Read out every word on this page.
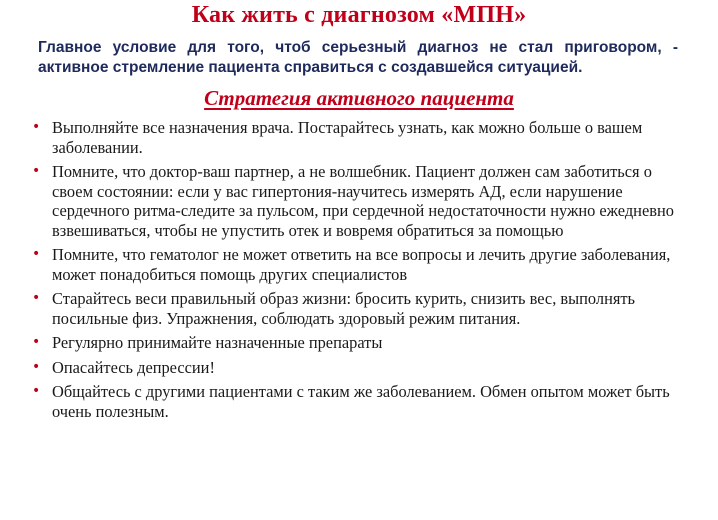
Как жить с диагнозом «МПН»
Главное условие для того, чтоб серьезный диагноз не стал приговором, - активное стремление пациента справиться с создавшейся ситуацией.
Стратегия активного пациента
• Выполняйте все назначения врача. Постарайтесь узнать, как можно больше о вашем заболевании.
• Помните, что доктор-ваш партнер, а не волшебник. Пациент должен сам заботиться о своем состоянии: если у вас гипертония-научитесь измерять АД, если нарушение сердечного ритма-следите за пульсом, при сердечной недостаточности нужно ежедневно взвешиваться, чтобы не упустить отек и вовремя обратиться за помощью
• Помните, что гематолог не может ответить на все вопросы и лечить другие заболевания, может понадобиться помощь других специалистов
• Старайтесь веси правильный образ жизни: бросить курить, снизить вес, выполнять посильные физ. Упражнения, соблюдать здоровый режим питания.
• Регулярно принимайте назначенные препараты
• Опасайтесь депрессии!
• Общайтесь с другими пациентами с таким же заболеванием. Обмен опытом может быть очень полезным.
